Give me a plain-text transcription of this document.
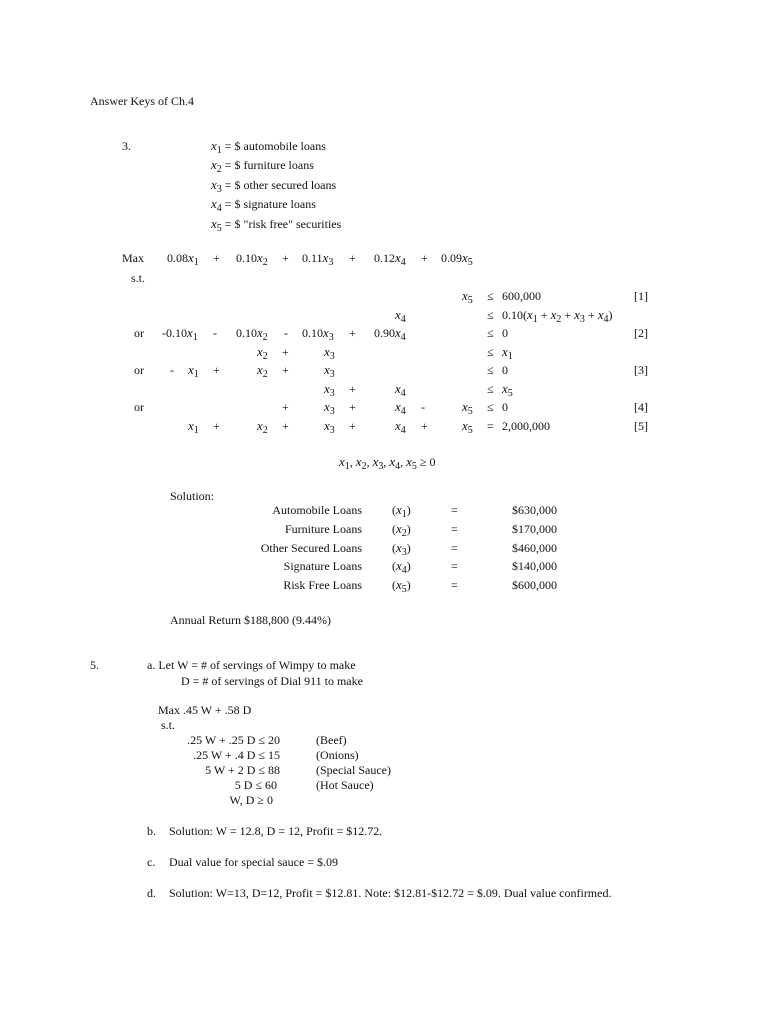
Answer Keys of Ch.4
3.	$x_1$ = $ automobile loans
$x_2$ = $ furniture loans
$x_3$ = $ other secured loans
$x_4$ = $ signature loans
$x_5$ = $ "risk free" securities
Max $0.08x_1 + 0.10x_2 + 0.11x_3 + 0.12x_4 + 0.09x_5$
s.t.
$x_5 \le 600,000$	[1]
$x_4$	≤ $0.10(x_1 + x_2 + x_3 + x_4)$
or $-0.10x_1 - 0.10x_2 - 0.10x_3 + 0.90x_4$	≤ 0	[2]
$x_2$ +	$x_3$	≤ $x_1$
or - $x_1$ +	$x_2$ +	$x_3$	≤ 0	[3]
$x_3$ +	$x_4$	≤ $x_5$
or	+	$x_3$ +	$x_4$ -	$x_5 \le 0$	[4]
$x_1$ +	$x_2$ +	$x_3$ +	$x_4$ +	$x_5 = 2,000,000$	[5]
$x_1$, $x_2$, $x_3$, $x_4$, $x_5 \ge 0$
Solution:
Automobile Loans	$(x_1)$	=	$630,000
Furniture Loans	$(x_2)$	=	$170,000
Other Secured Loans	$(x_3)$	=	$460,000
Signature Loans	$(x_4)$	=	$140,000
Risk Free Loans	$(x_5)$	=	$600,000
Annual Return $188,800 (9.44%)
5.	a. Let W = # of servings of Wimpy to make
D = # of servings of Dial 911 to make
Max .45 W + .58 D
s.t.
.25 W + .25 D ≤ 20	(Beef)
.25 W + .4 D ≤ 15	(Onions)
5 W + 2 D ≤ 88	(Special Sauce)
5 D ≤ 60	(Hot Sauce)
W, D ≥ 0
b. Solution: W = 12.8, D = 12, Profit = $12.72.
c. Dual value for special sauce = $.09
d. Solution: W=13, D=12, Profit = $12.81. Note: $12.81-$12.72 = $.09. Dual value confirmed.
